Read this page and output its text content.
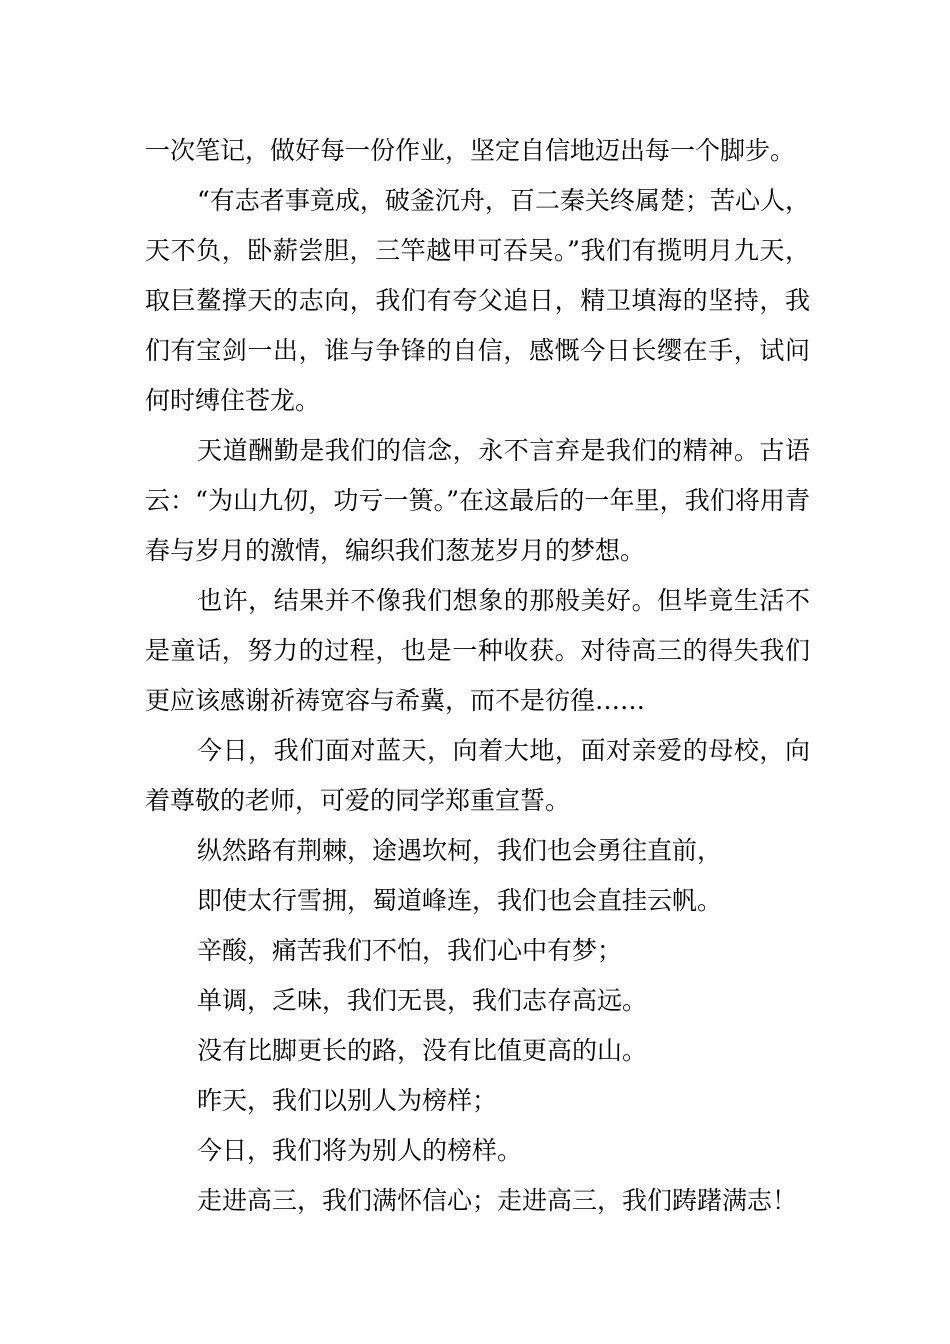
一次笔记，做好每一份作业，坚定自信地迈出每一个脚步。

“有志者事竟成，破釜沉舟，百二秦关终属楚；苦心人，天不负，卧薪尝胆，三竿越甲可吞吴。”我们有揽明月九天，取巨鳌撑天的志向，我们有夸父追日，精卫填海的坚持，我们有宝剑一出，谁与争锋的自信，感慨今日长缨在手，试问何时缚住苍龙。

天道酬勤是我们的信念，永不言弃是我们的精神。古语云：“为山九仞，功亏一篑。”在这最后的一年里，我们将用青春与岁月的激情，编织我们葱茏岁月的梦想。

也许，结果并不像我们想象的那般美好。但毕竟生活不是童话，努力的过程，也是一种收获。对待高三的得失我们更应该感谢祈祷宽容与希冀，而不是彷徨……

今日，我们面对蓝天，向着大地，面对亲爱的母校，向着尊敬的老师，可爱的同学郑重宣誓。

纵然路有荆棘，途遇坎柯，我们也会勇往直前，

即使太行雪拥，蜀道峰连，我们也会直挂云帆。

辛酸，痛苦我们不怕，我们心中有梦；

单调，乏味，我们无畏，我们志存高远。

没有比脚更长的路，没有比值更高的山。

昨天，我们以别人为榜样；

今日，我们将为别人的榜样。

走进高三，我们满怀信心；走进高三，我们踌躇满志！
